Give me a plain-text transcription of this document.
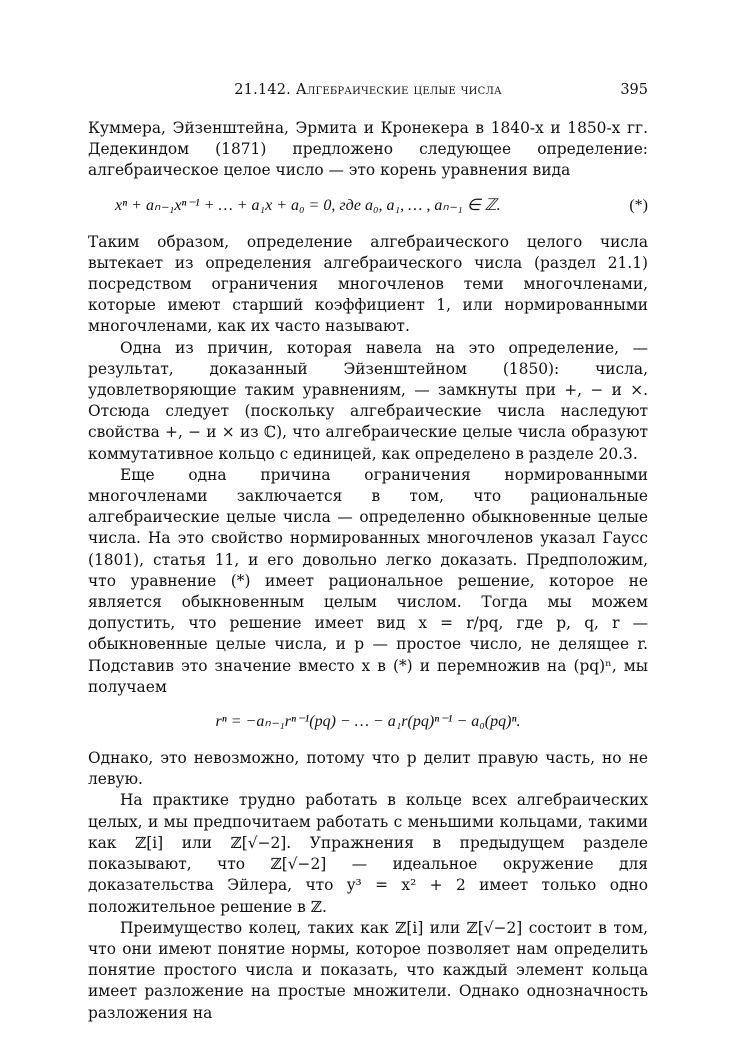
21.142. Алгебраические целые числа	395

Куммера, Эйзенштейна, Эрмита и Кронекера в 1840-х и 1850-х гг. Дедекиндом (1871) предложено следующее определение: алгебраическое целое число — это корень уравнения вида

xⁿ + aₙ₋₁xⁿ⁻¹ + … + a₁x + a₀ = 0, где a₀, a₁, … , aₙ₋₁ ∈ ℤ.	(*)

Таким образом, определение алгебраического целого числа вытекает из определения алгебраического числа (раздел 21.1) посредством ограничения многочленов теми многочленами, которые имеют старший коэффициент 1, или нормированными многочленами, как их часто называют.

Одна из причин, которая навела на это определение, — результат, доказанный Эйзенштейном (1850): числа, удовлетворяющие таким уравнениям, — замкнуты при +, − и ×. Отсюда следует (поскольку алгебраические числа наследуют свойства +, − и × из ℂ), что алгебраические целые числа образуют коммутативное кольцо с единицей, как определено в разделе 20.3.

Еще одна причина ограничения нормированными многочленами заключается в том, что рациональные алгебраические целые числа — определенно обыкновенные целые числа. На это свойство нормированных многочленов указал Гаусс (1801), статья 11, и его довольно легко доказать. Предположим, что уравнение (*) имеет рациональное решение, которое не является обыкновенным целым числом. Тогда мы можем допустить, что решение имеет вид x = r/pq, где p, q, r — обыкновенные целые числа, и p — простое число, не делящее r. Подставив это значение вместо x в (*) и перемножив на (pq)ⁿ, мы получаем

rⁿ = −aₙ₋₁rⁿ⁻¹(pq) − … − a₁r(pq)ⁿ⁻¹ − a₀(pq)ⁿ.

Однако, это невозможно, потому что p делит правую часть, но не левую.

На практике трудно работать в кольце всех алгебраических целых, и мы предпочитаем работать с меньшими кольцами, такими как ℤ[i] или ℤ[√−2]. Упражнения в предыдущем разделе показывают, что ℤ[√−2] — идеальное окружение для доказательства Эйлера, что y³ = x² + 2 имеет только одно положительное решение в ℤ.

Преимущество колец, таких как ℤ[i] или ℤ[√−2] состоит в том, что они имеют понятие нормы, которое позволяет нам определить понятие простого числа и показать, что каждый элемент кольца имеет разложение на простые множители. Однако однозначность разложения на
